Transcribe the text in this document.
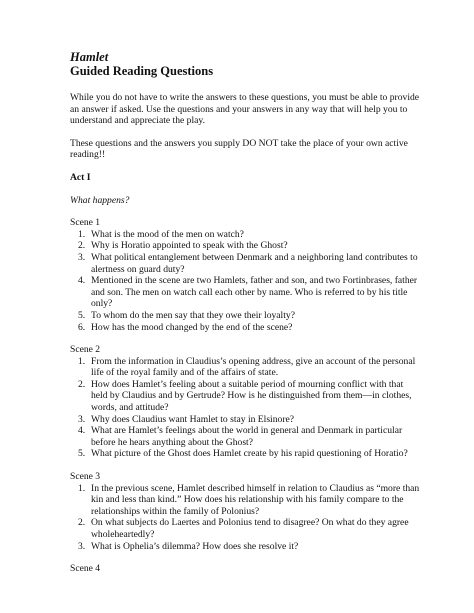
Hamlet
Guided Reading Questions

While you do not have to write the answers to these questions, you must be able to provide an answer if asked. Use the questions and your answers in any way that will help you to understand and appreciate the play.

These questions and the answers you supply DO NOT take the place of your own active reading!!

Act I
What happens?
Scene 1
1. What is the mood of the men on watch?
2. Why is Horatio appointed to speak with the Ghost?
3. What political entanglement between Denmark and a neighboring land contributes to alertness on guard duty?
4. Mentioned in the scene are two Hamlets, father and son, and two Fortinbrases, father and son. The men on watch call each other by name. Who is referred to by his title only?
5. To whom do the men say that they owe their loyalty?
6. How has the mood changed by the end of the scene?
Scene 2
1. From the information in Claudius’s opening address, give an account of the personal life of the royal family and of the affairs of state.
2. How does Hamlet’s feeling about a suitable period of mourning conflict with that held by Claudius and by Gertrude? How is he distinguished from them—in clothes, words, and attitude?
3. Why does Claudius want Hamlet to stay in Elsinore?
4. What are Hamlet’s feelings about the world in general and Denmark in particular before he hears anything about the Ghost?
5. What picture of the Ghost does Hamlet create by his rapid questioning of Horatio?
Scene 3
1. In the previous scene, Hamlet described himself in relation to Claudius as “more than kin and less than kind.” How does his relationship with his family compare to the relationships within the family of Polonius?
2. On what subjects do Laertes and Polonius tend to disagree? On what do they agree wholeheartedly?
3. What is Ophelia’s dilemma? How does she resolve it?
Scene 4
